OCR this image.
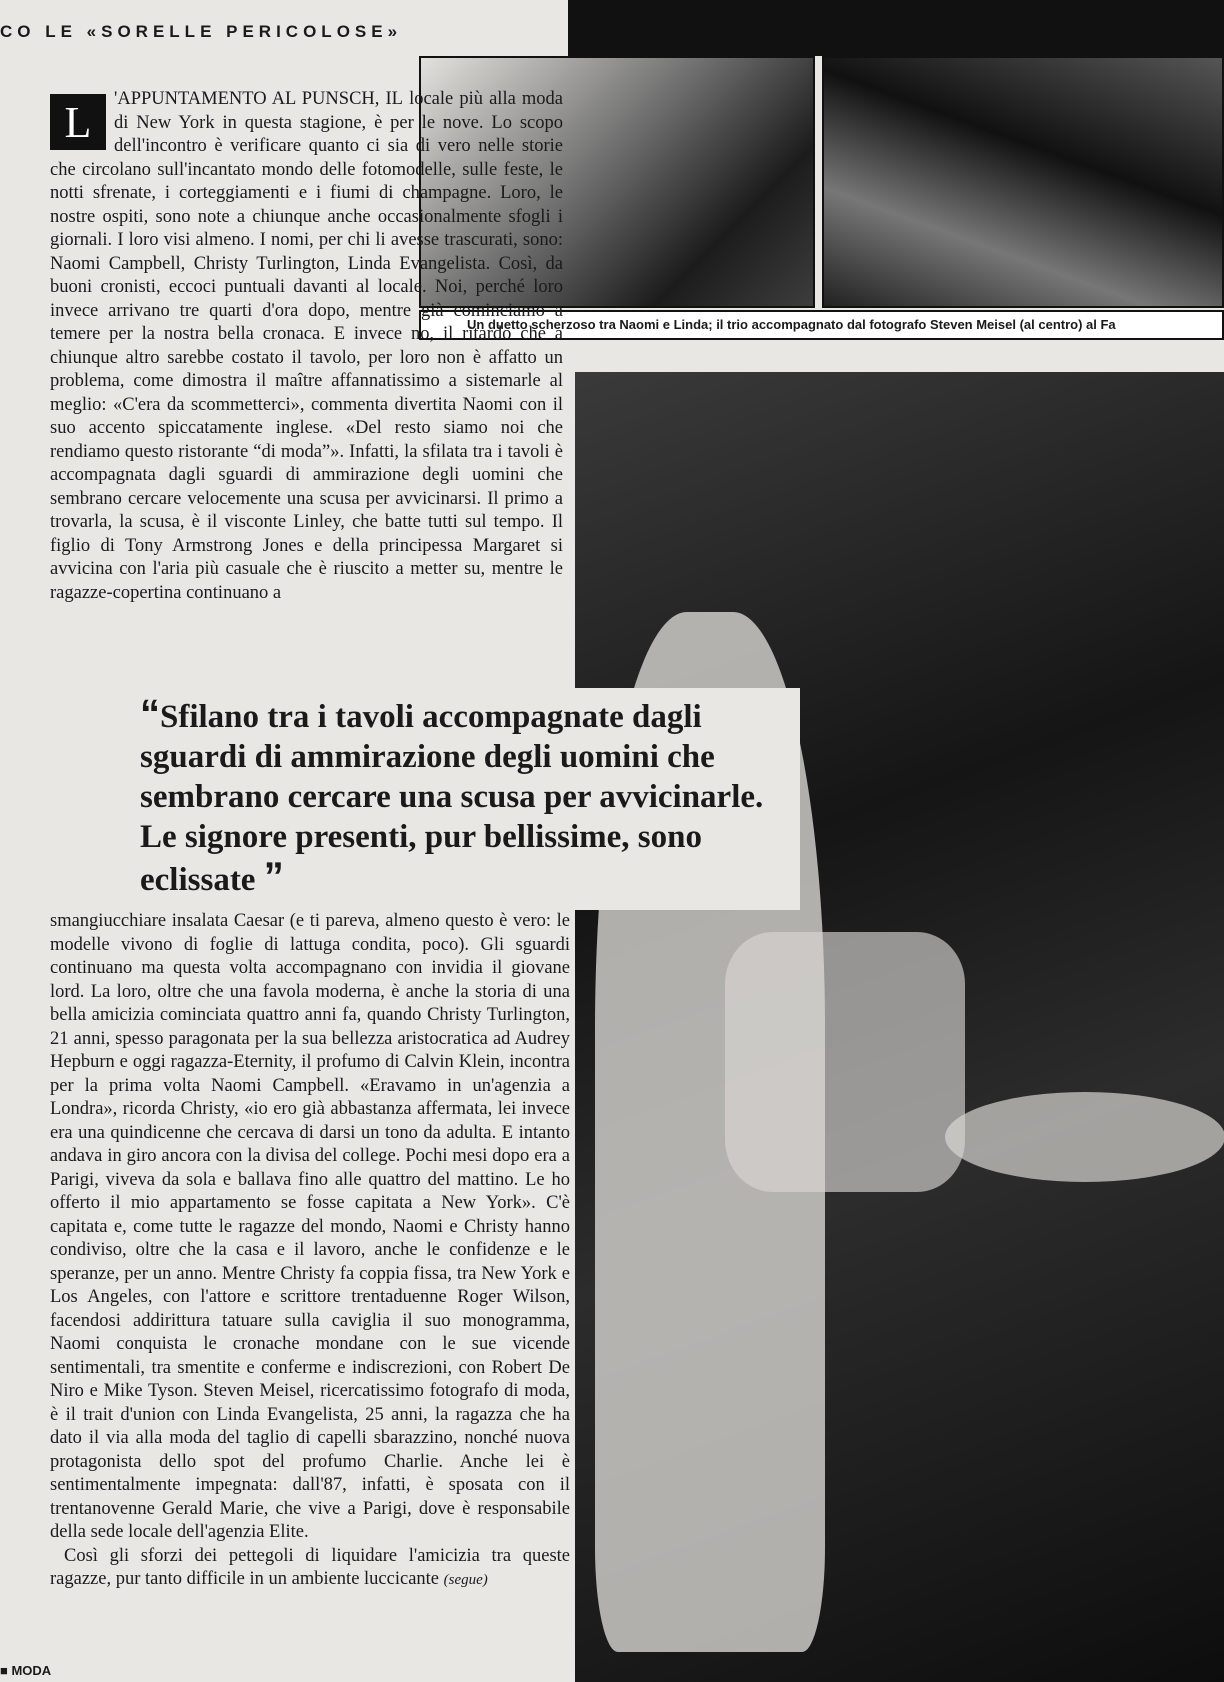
CO LE «SORELLE PERICOLOSE»
Un duetto scherzoso tra Naomi e Linda; il trio accompagnato dal fotografo Steven Meisel (al centro) al Fa

L	'APPUNTAMENTO AL PUNSCH, IL locale più alla moda di New York in questa stagione, è per le nove. Lo scopo dell'incontro è verificare quanto ci sia di vero nelle storie che circolano sull'incantato mondo delle fotomodelle, sulle feste, le notti sfrenate, i corteggiamenti e i fiumi di champagne. Loro, le nostre ospiti, sono note a chiunque anche occasionalmente sfogli i giornali. I loro visi almeno. I nomi, per chi li avesse trascurati, sono: Naomi Campbell, Christy Turlington, Linda Evangelista. Così, da buoni cronisti, eccoci puntuali davanti al locale. Noi, perché loro invece arrivano tre quarti d'ora dopo, mentre già cominciamo a temere per la nostra bella cronaca. E invece no, il ritardo che a chiunque altro sarebbe costato il tavolo, per loro non è affatto un problema, come dimostra il maître affannatissimo a sistemarle al meglio: «C'era da scommetterci», commenta divertita Naomi con il suo accento spiccatamente inglese. «Del resto siamo noi che rendiamo questo ristorante “di moda”». Infatti, la sfilata tra i tavoli è accompagnata dagli sguardi di ammirazione degli uomini che sembrano cercare velocemente una scusa per avvicinarsi. Il primo a trovarla, la scusa, è il visconte Linley, che batte tutti sul tempo. Il figlio di Tony Armstrong Jones e della principessa Margaret si avvicina con l'aria più casuale che è riuscito a metter su, mentre le ragazze-copertina continuano a

“Sfilano tra i tavoli accompagnate dagli sguardi di ammirazione degli uomini che sembrano cercare una scusa per avvicinarle. Le signore presenti, pur bellissime, sono eclissate ”

smangiucchiare insalata Caesar (e ti pareva, almeno questo è vero: le modelle vivono di foglie di lattuga condita, poco). Gli sguardi continuano ma questa volta accompagnano con invidia il giovane lord. La loro, oltre che una favola moderna, è anche la storia di una bella amicizia cominciata quattro anni fa, quando Christy Turlington, 21 anni, spesso paragonata per la sua bellezza aristocratica ad Audrey Hepburn e oggi ragazza-Eternity, il profumo di Calvin Klein, incontra per la prima volta Naomi Campbell. «Eravamo in un'agenzia a Londra», ricorda Christy, «io ero già abbastanza affermata, lei invece era una quindicenne che cercava di darsi un tono da adulta. E intanto andava in giro ancora con la divisa del college. Pochi mesi dopo era a Parigi, viveva da sola e ballava fino alle quattro del mattino. Le ho offerto il mio appartamento se fosse capitata a New York». C'è capitata e, come tutte le ragazze del mondo, Naomi e Christy hanno condiviso, oltre che la casa e il lavoro, anche le confidenze e le speranze, per un anno. Mentre Christy fa coppia fissa, tra New York e Los Angeles, con l'attore e scrittore trentaduenne Roger Wilson, facendosi addirittura tatuare sulla caviglia il suo monogramma, Naomi conquista le cronache mondane con le sue vicende sentimentali, tra smentite e conferme e indiscrezioni, con Robert De Niro e Mike Tyson. Steven Meisel, ricercatissimo fotografo di moda, è il trait d'union con Linda Evangelista, 25 anni, la ragazza che ha dato il via alla moda del taglio di capelli sbarazzino, nonché nuova protagonista dello spot del profumo Charlie. Anche lei è sentimentalmente impegnata: dall'87, infatti, è sposata con il trentanovenne Gerald Marie, che vive a Parigi, dove è responsabile della sede locale dell'agenzia Elite.

Così gli sforzi dei pettegoli di liquidare l'amicizia tra queste ragazze, pur tanto difficile in un ambiente luccicante (segue)

■ MODA
